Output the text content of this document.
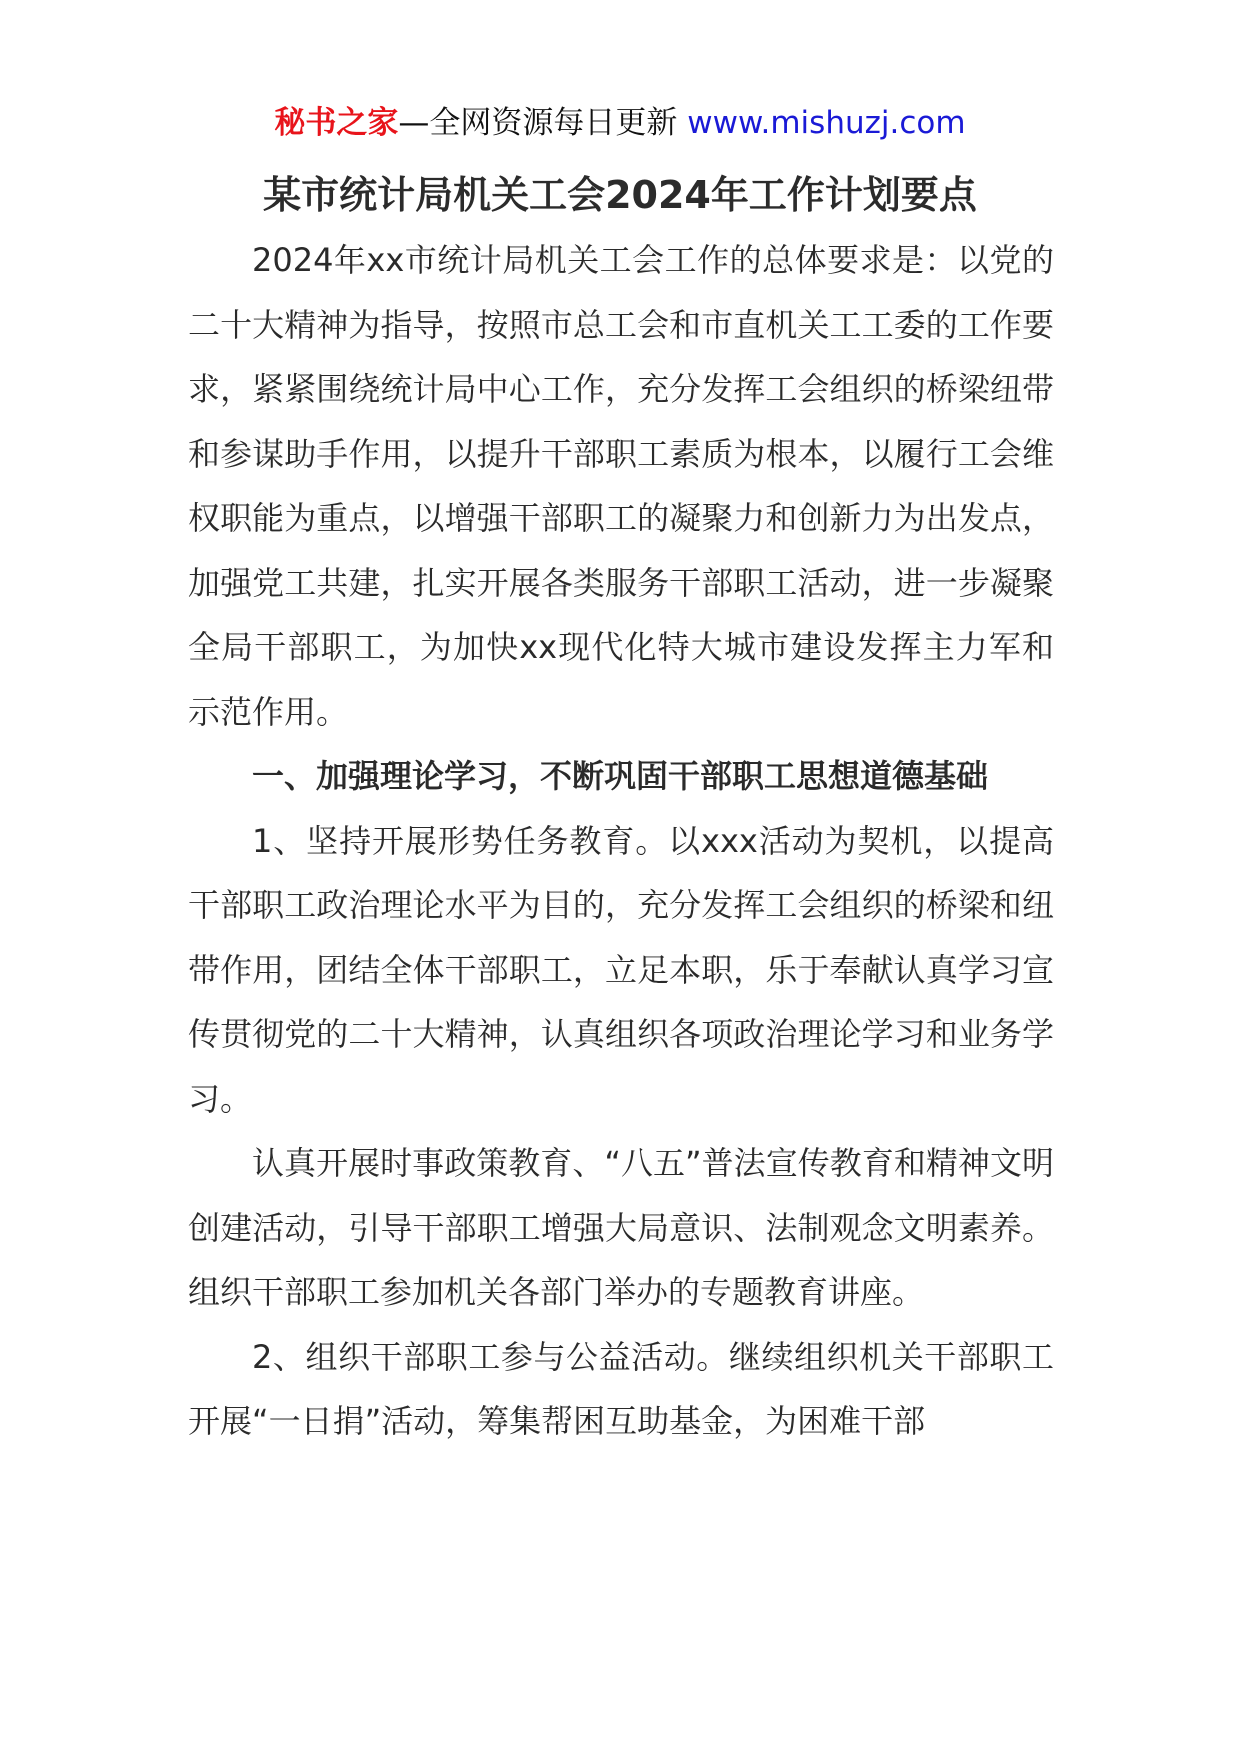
秘书之家—全网资源每日更新 www.mishuzj.com
某市统计局机关工会2024年工作计划要点

2024年xx市统计局机关工会工作的总体要求是：以党的二十大精神为指导，按照市总工会和市直机关工工委的工作要求，紧紧围绕统计局中心工作，充分发挥工会组织的桥梁纽带和参谋助手作用，以提升干部职工素质为根本，以履行工会维权职能为重点，以增强干部职工的凝聚力和创新力为出发点，加强党工共建，扎实开展各类服务干部职工活动，进一步凝聚全局干部职工，为加快xx现代化特大城市建设发挥主力军和示范作用。

一、加强理论学习，不断巩固干部职工思想道德基础

1、坚持开展形势任务教育。以xxx活动为契机，以提高干部职工政治理论水平为目的，充分发挥工会组织的桥梁和纽带作用，团结全体干部职工，立足本职，乐于奉献认真学习宣传贯彻党的二十大精神，认真组织各项政治理论学习和业务学习。

认真开展时事政策教育、“八五”普法宣传教育和精神文明创建活动，引导干部职工增强大局意识、法制观念文明素养。组织干部职工参加机关各部门举办的专题教育讲座。

2、组织干部职工参与公益活动。继续组织机关干部职工开展“一日捐”活动，筹集帮困互助基金，为困难干部
